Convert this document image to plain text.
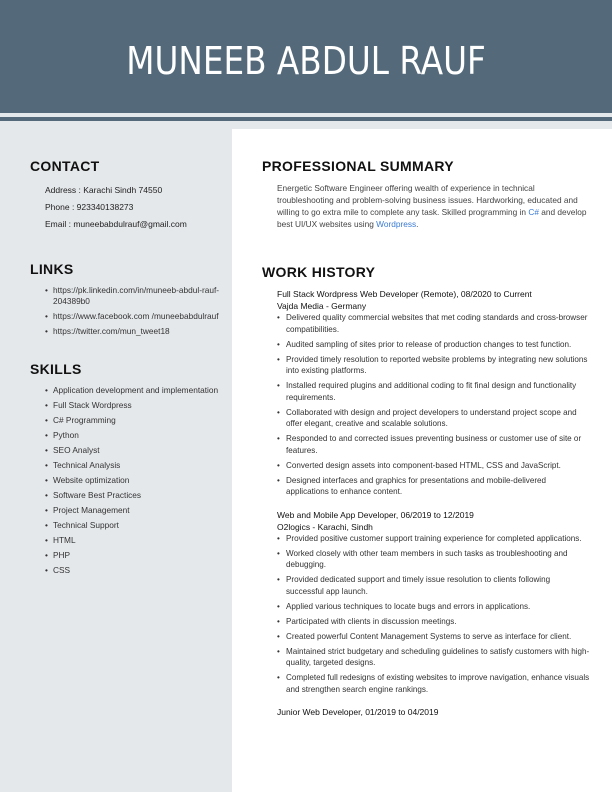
MUNEEB ABDUL RAUF
CONTACT
Address : Karachi Sindh 74550
Phone : 923340138273
Email : muneebabdulrauf@gmail.com
LINKS
• https://pk.linkedin.com/in/muneeb-abdul-rauf-204389b0
• https://www.facebook.com /muneebabdulrauf
• https://twitter.com/mun_tweet18
SKILLS
• Application development and implementation
• Full Stack Wordpress
• C# Programming
• Python
• SEO Analyst
• Technical Analysis
• Website optimization
• Software Best Practices
• Project Management
• Technical Support
• HTML
• PHP
• CSS
PROFESSIONAL SUMMARY

Energetic Software Engineer offering wealth of experience in technical troubleshooting and problem-solving business issues. Hardworking, educated and willing to go extra mile to complete any task. Skilled programming in C# and develop best UI/UX websites using Wordpress.

WORK HISTORY
Full Stack Wordpress Web Developer (Remote), 08/2020 to Current
Vajda Media - Germany
• Delivered quality commercial websites that met coding standards and cross-browser compatibilities.
• Audited sampling of sites prior to release of production changes to test function.
• Provided timely resolution to reported website problems by integrating new solutions into existing platforms.
• Installed required plugins and additional coding to fit final design and functionality requirements.
• Collaborated with design and project developers to understand project scope and offer elegant, creative and scalable solutions.
• Responded to and corrected issues preventing business or customer use of site or features.
• Converted design assets into component-based HTML, CSS and JavaScript.
• Designed interfaces and graphics for presentations and mobile-delivered applications to enhance content.
Web and Mobile App Developer, 06/2019 to 12/2019
O2logics - Karachi, Sindh
• Provided positive customer support training experience for completed applications.
• Worked closely with other team members in such tasks as troubleshooting and debugging.
• Provided dedicated support and timely issue resolution to clients following successful app launch.
• Applied various techniques to locate bugs and errors in applications.
• Participated with clients in discussion meetings.
• Created powerful Content Management Systems to serve as interface for client.
• Maintained strict budgetary and scheduling guidelines to satisfy customers with high-quality, targeted designs.
• Completed full redesigns of existing websites to improve navigation, enhance visuals and strengthen search engine rankings.
Junior Web Developer, 01/2019 to 04/2019
